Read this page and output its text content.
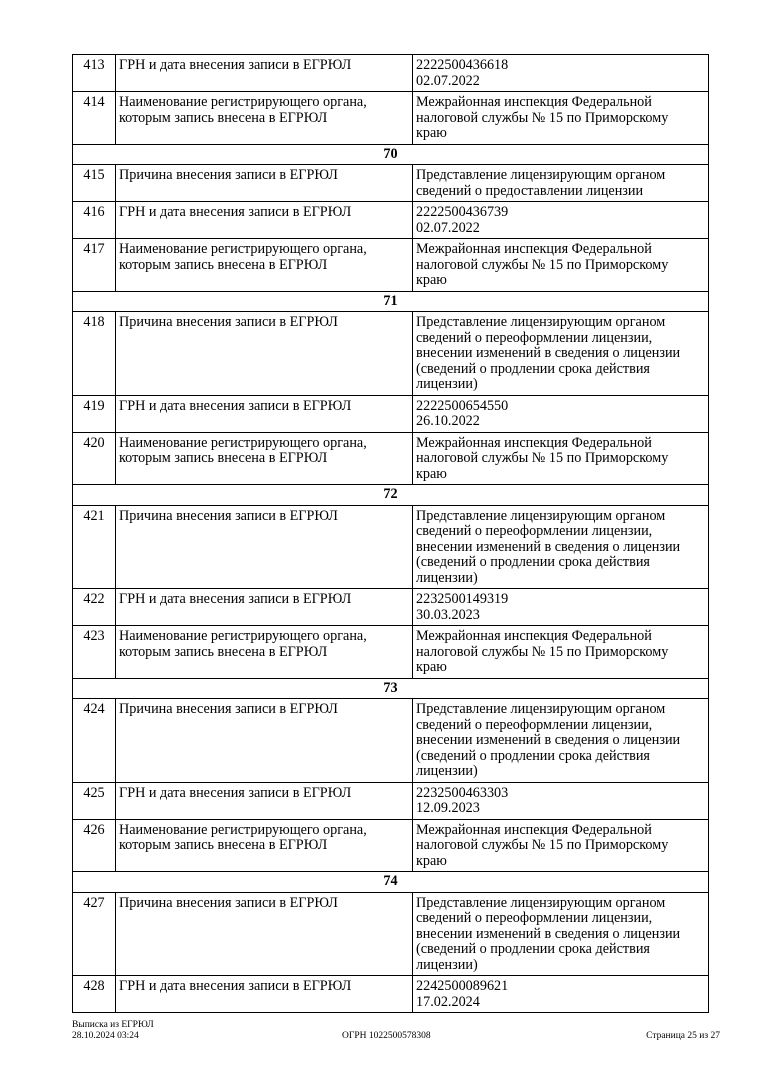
413	ГРН и дата внесения записи в ЕГРЮЛ	2222500436618
02.07.2022
414	Наименование регистрирующего органа,
которым запись внесена в ЕГРЮЛ	Межрайонная инспекция Федеральной
налоговой службы № 15 по Приморскому
краю
70		
415	Причина внесения записи в ЕГРЮЛ	Представление лицензирующим органом
сведений о предоставлении лицензии
416	ГРН и дата внесения записи в ЕГРЮЛ	2222500436739
02.07.2022
417	Наименование регистрирующего органа,
которым запись внесена в ЕГРЮЛ	Межрайонная инспекция Федеральной
налоговой службы № 15 по Приморскому
краю
71		
418	Причина внесения записи в ЕГРЮЛ	Представление лицензирующим органом
сведений о переоформлении лицензии,
внесении изменений в сведения о лицензии
(сведений о продлении срока действия
лицензии)
419	ГРН и дата внесения записи в ЕГРЮЛ	2222500654550
26.10.2022
420	Наименование регистрирующего органа,
которым запись внесена в ЕГРЮЛ	Межрайонная инспекция Федеральной
налоговой службы № 15 по Приморскому
краю
72		
421	Причина внесения записи в ЕГРЮЛ	Представление лицензирующим органом
сведений о переоформлении лицензии,
внесении изменений в сведения о лицензии
(сведений о продлении срока действия
лицензии)
422	ГРН и дата внесения записи в ЕГРЮЛ	2232500149319
30.03.2023
423	Наименование регистрирующего органа,
которым запись внесена в ЕГРЮЛ	Межрайонная инспекция Федеральной
налоговой службы № 15 по Приморскому
краю
73		
424	Причина внесения записи в ЕГРЮЛ	Представление лицензирующим органом
сведений о переоформлении лицензии,
внесении изменений в сведения о лицензии
(сведений о продлении срока действия
лицензии)
425	ГРН и дата внесения записи в ЕГРЮЛ	2232500463303
12.09.2023
426	Наименование регистрирующего органа,
которым запись внесена в ЕГРЮЛ	Межрайонная инспекция Федеральной
налоговой службы № 15 по Приморскому
краю
74		
427	Причина внесения записи в ЕГРЮЛ	Представление лицензирующим органом
сведений о переоформлении лицензии,
внесении изменений в сведения о лицензии
(сведений о продлении срока действия
лицензии)
428	ГРН и дата внесения записи в ЕГРЮЛ	2242500089621
17.02.2024
Выписка из ЕГРЮЛ
28.10.2024 03:24	ОГРН 1022500578308	Страница 25 из 27
